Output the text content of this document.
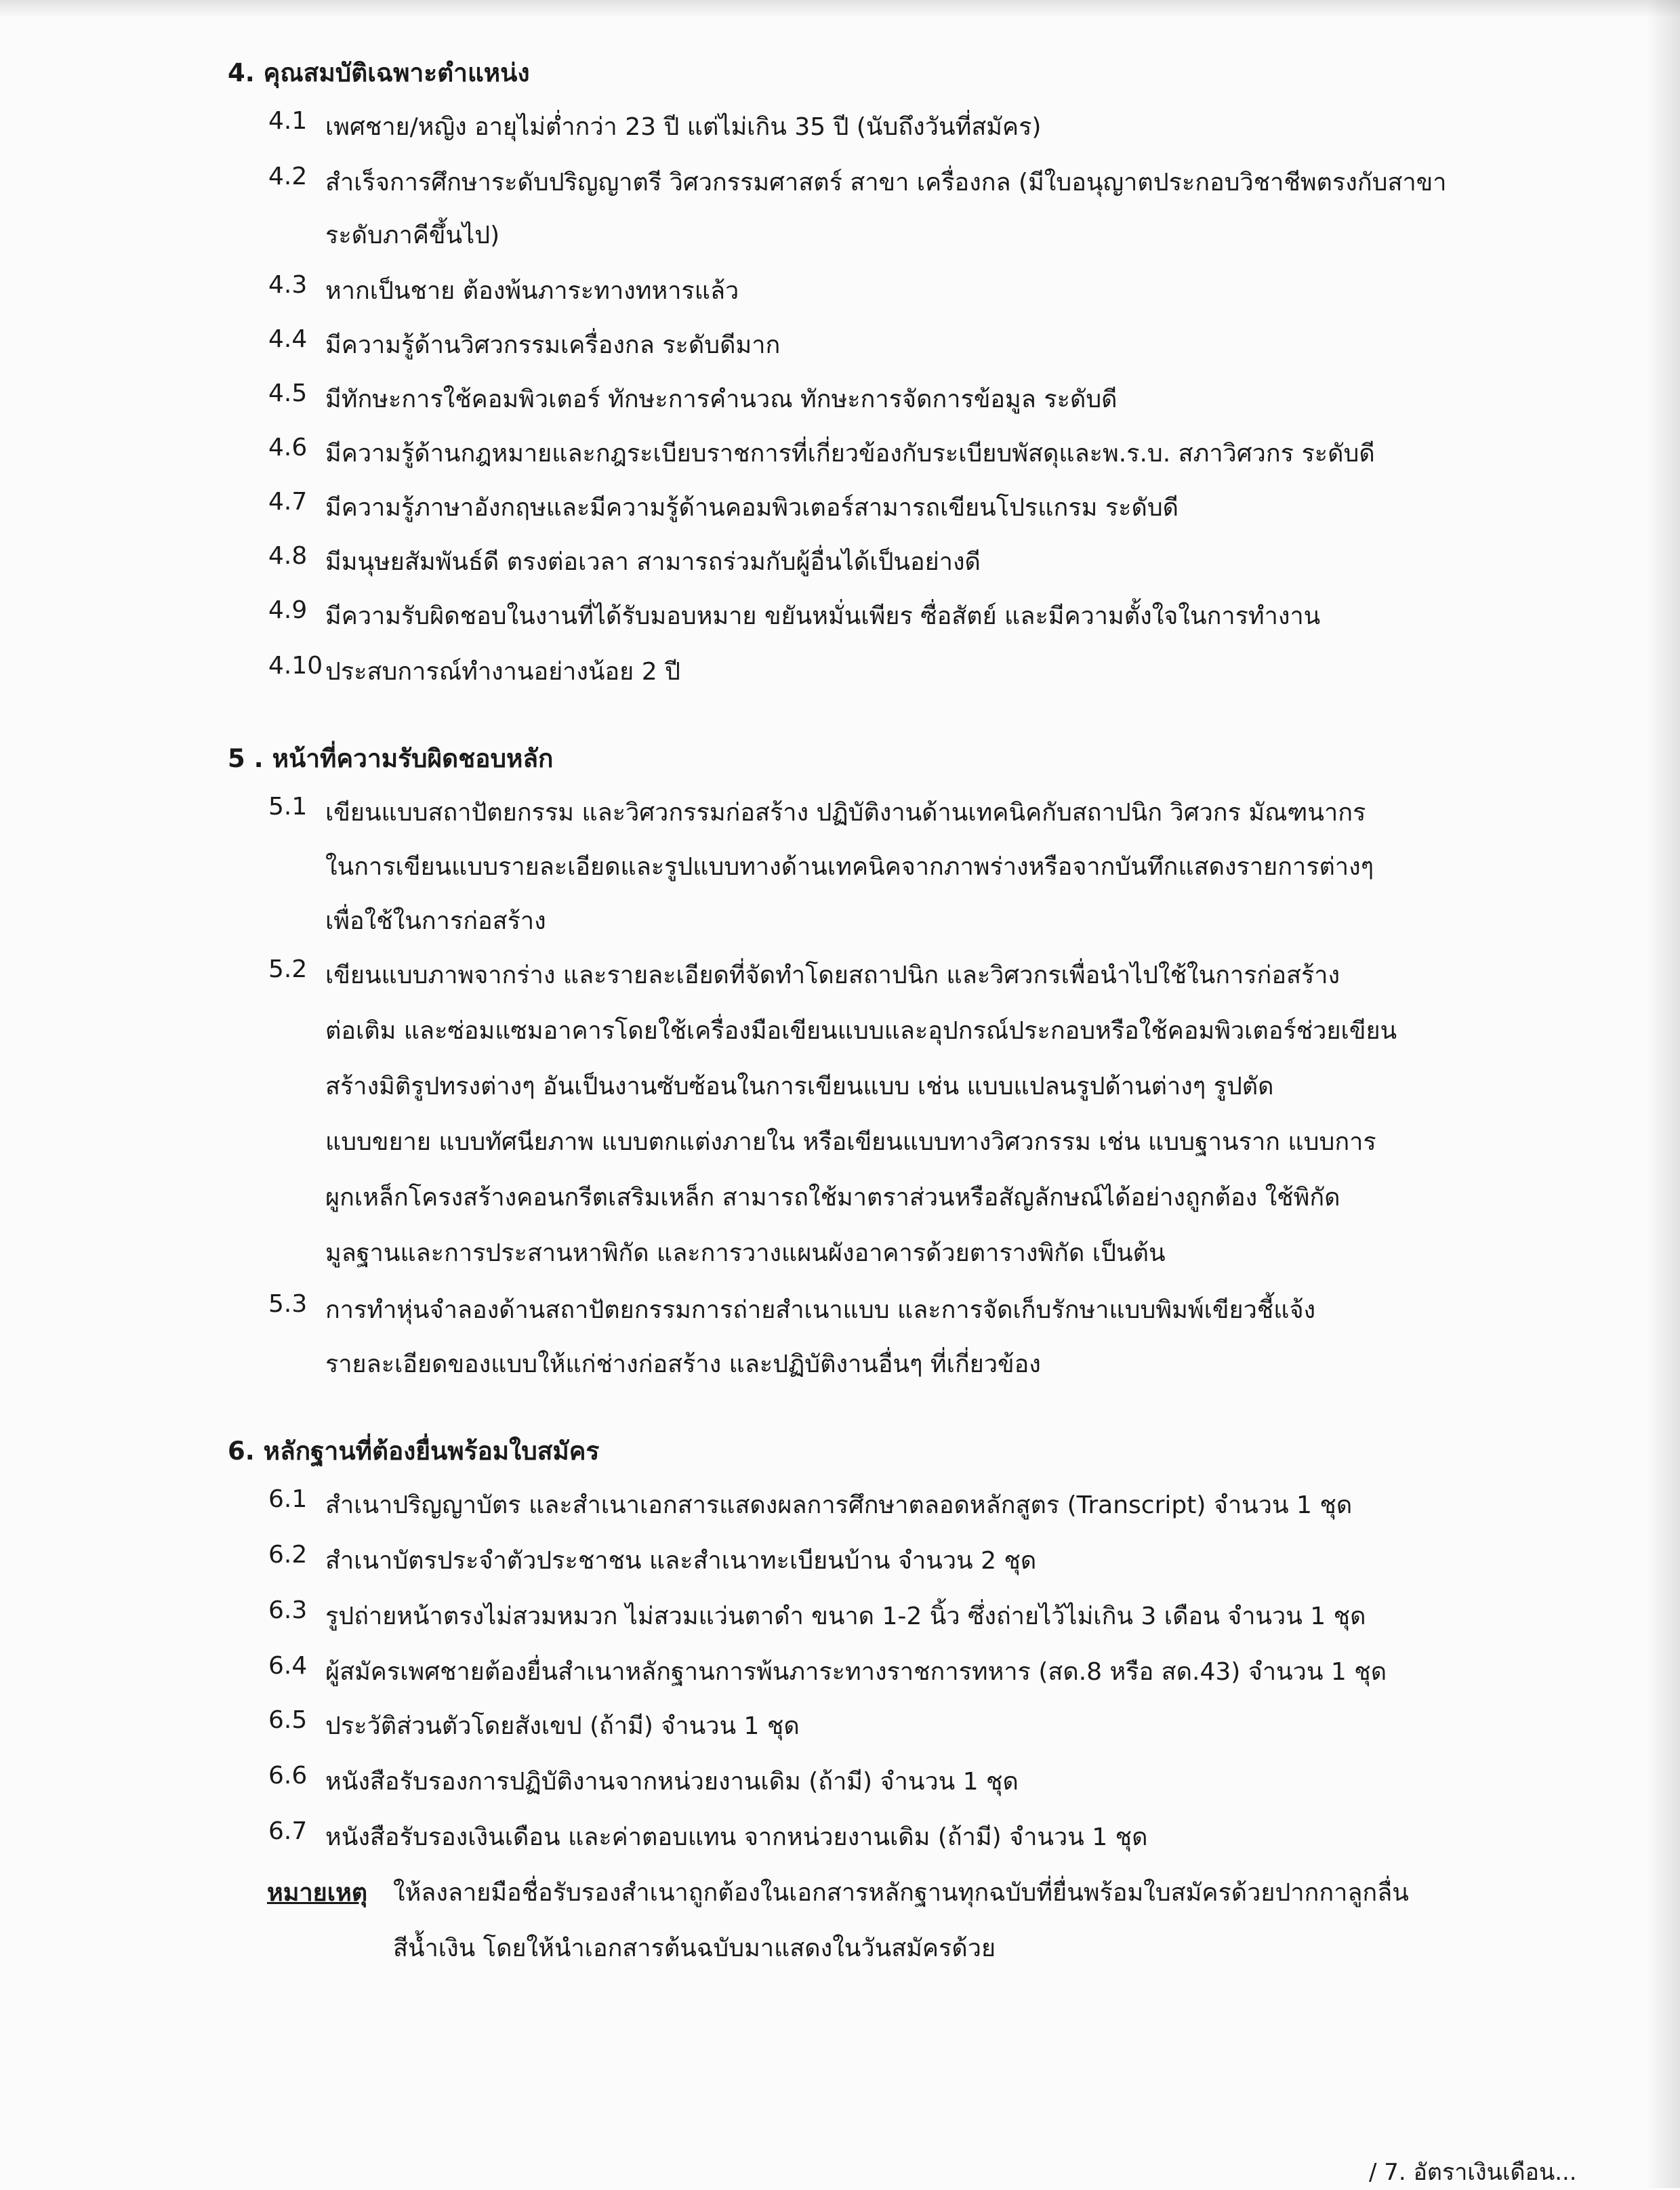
4. คุณสมบัติเฉพาะตำแหน่ง
4.1 เพศชาย/หญิง อายุไม่ต่ำกว่า 23 ปี แต่ไม่เกิน 35 ปี (นับถึงวันที่สมัคร)
4.2 สำเร็จการศึกษาระดับปริญญาตรี วิศวกรรมศาสตร์ สาขา เครื่องกล (มีใบอนุญาตประกอบวิชาชีพตรงกับสาขา
ระดับภาคีขึ้นไป)
4.3 หากเป็นชาย ต้องพ้นภาระทางทหารแล้ว
4.4 มีความรู้ด้านวิศวกรรมเครื่องกล ระดับดีมาก
4.5 มีทักษะการใช้คอมพิวเตอร์ ทักษะการคำนวณ ทักษะการจัดการข้อมูล ระดับดี
4.6 มีความรู้ด้านกฎหมายและกฎระเบียบราชการที่เกี่ยวข้องกับระเบียบพัสดุและพ.ร.บ. สภาวิศวกร ระดับดี
4.7 มีความรู้ภาษาอังกฤษและมีความรู้ด้านคอมพิวเตอร์สามารถเขียนโปรแกรม ระดับดี
4.8 มีมนุษยสัมพันธ์ดี ตรงต่อเวลา สามารถร่วมกับผู้อื่นได้เป็นอย่างดี
4.9 มีความรับผิดชอบในงานที่ได้รับมอบหมาย ขยันหมั่นเพียร ซื่อสัตย์ และมีความตั้งใจในการทำงาน
4.10 ประสบการณ์ทำงานอย่างน้อย 2 ปี
5 . หน้าที่ความรับผิดชอบหลัก
5.1 เขียนแบบสถาปัตยกรรม และวิศวกรรมก่อสร้าง ปฏิบัติงานด้านเทคนิคกับสถาปนิก วิศวกร มัณฑนากร
ในการเขียนแบบรายละเอียดและรูปแบบทางด้านเทคนิคจากภาพร่างหรือจากบันทึกแสดงรายการต่างๆ
เพื่อใช้ในการก่อสร้าง
5.2 เขียนแบบภาพจากร่าง และรายละเอียดที่จัดทำโดยสถาปนิก และวิศวกรเพื่อนำไปใช้ในการก่อสร้าง
ต่อเติม และซ่อมแซมอาคารโดยใช้เครื่องมือเขียนแบบและอุปกรณ์ประกอบหรือใช้คอมพิวเตอร์ช่วยเขียน
สร้างมิติรูปทรงต่างๆ อันเป็นงานซับซ้อนในการเขียนแบบ เช่น แบบแปลนรูปด้านต่างๆ รูปตัด
แบบขยาย แบบทัศนียภาพ แบบตกแต่งภายใน หรือเขียนแบบทางวิศวกรรม เช่น แบบฐานราก แบบการ
ผูกเหล็กโครงสร้างคอนกรีตเสริมเหล็ก สามารถใช้มาตราส่วนหรือสัญลักษณ์ได้อย่างถูกต้อง ใช้พิกัด
มูลฐานและการประสานหาพิกัด และการวางแผนผังอาคารด้วยตารางพิกัด เป็นต้น
5.3 การทำหุ่นจำลองด้านสถาปัตยกรรมการถ่ายสำเนาแบบ และการจัดเก็บรักษาแบบพิมพ์เขียวชี้แจ้ง
รายละเอียดของแบบให้แก่ช่างก่อสร้าง และปฏิบัติงานอื่นๆ ที่เกี่ยวข้อง
6. หลักฐานที่ต้องยื่นพร้อมใบสมัคร
6.1 สำเนาปริญญาบัตร และสำเนาเอกสารแสดงผลการศึกษาตลอดหลักสูตร (Transcript) จำนวน 1 ชุด
6.2 สำเนาบัตรประจำตัวประชาชน และสำเนาทะเบียนบ้าน จำนวน 2 ชุด
6.3 รูปถ่ายหน้าตรงไม่สวมหมวก ไม่สวมแว่นตาดำ ขนาด 1-2 นิ้ว ซึ่งถ่ายไว้ไม่เกิน 3 เดือน จำนวน 1 ชุด
6.4 ผู้สมัครเพศชายต้องยื่นสำเนาหลักฐานการพ้นภาระทางราชการทหาร (สด.8 หรือ สด.43) จำนวน 1 ชุด
6.5 ประวัติส่วนตัวโดยสังเขป (ถ้ามี) จำนวน 1 ชุด
6.6 หนังสือรับรองการปฏิบัติงานจากหน่วยงานเดิม (ถ้ามี) จำนวน 1 ชุด
6.7 หนังสือรับรองเงินเดือน และค่าตอบแทน จากหน่วยงานเดิม (ถ้ามี) จำนวน 1 ชุด
หมายเหตุ ให้ลงลายมือชื่อรับรองสำเนาถูกต้องในเอกสารหลักฐานทุกฉบับที่ยื่นพร้อมใบสมัครด้วยปากกาลูกลื่น
สีน้ำเงิน โดยให้นำเอกสารต้นฉบับมาแสดงในวันสมัครด้วย
/ 7. อัตราเงินเดือน...
